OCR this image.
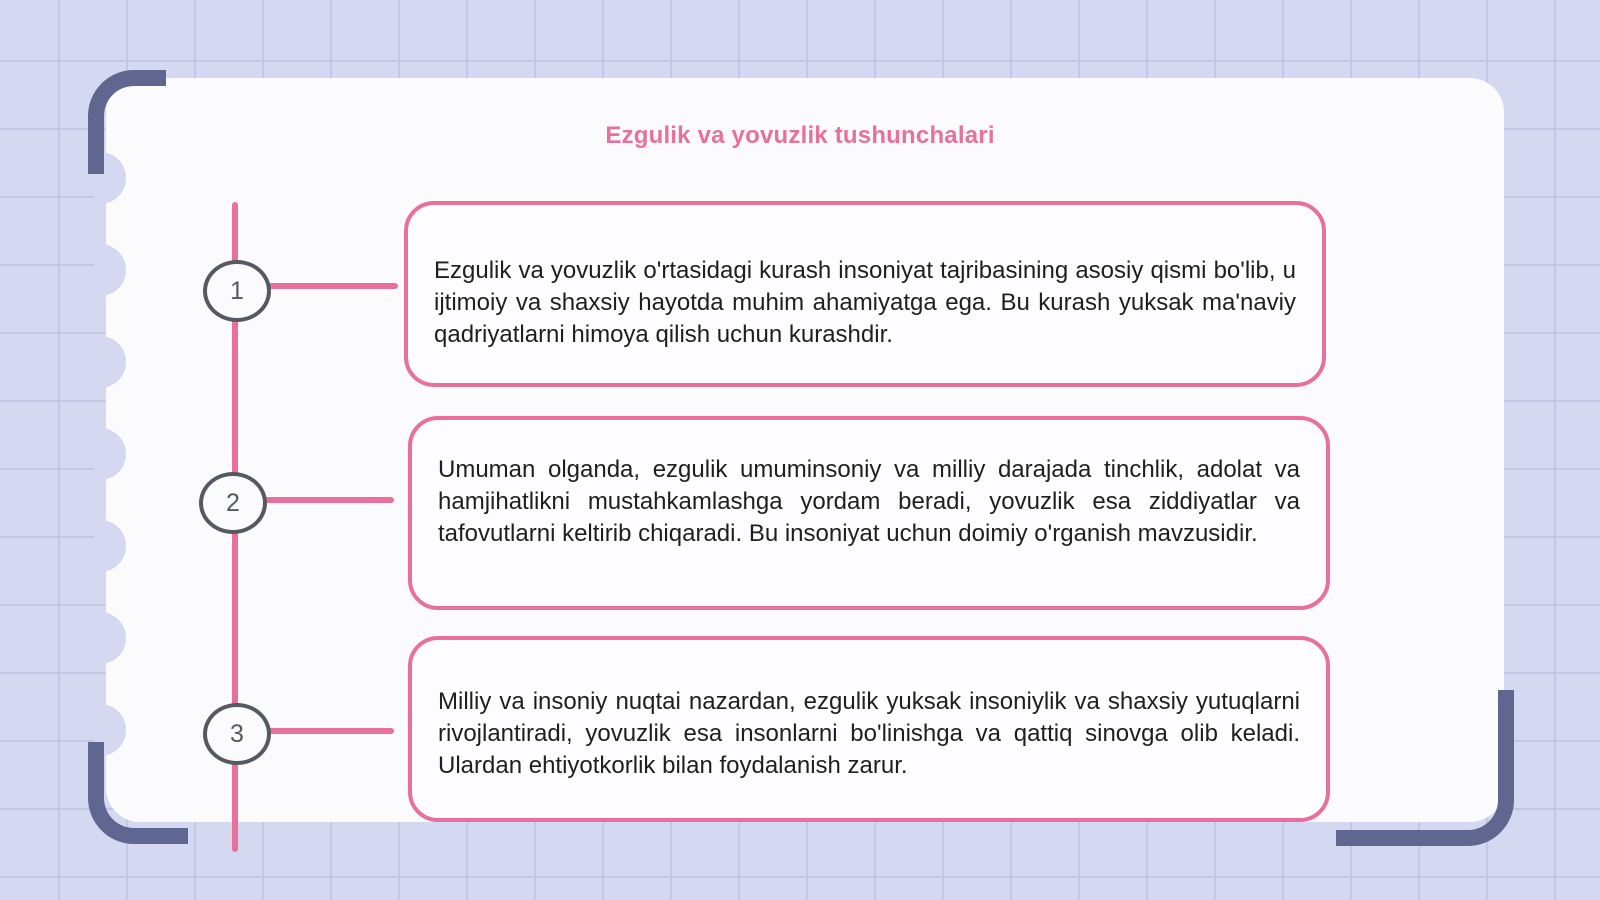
Ezgulik va yovuzlik tushunchalari
1
Ezgulik va yovuzlik o'rtasidagi kurash insoniyat tajribasining asosiy qismi bo'lib, u ijtimoiy va shaxsiy hayotda muhim ahamiyatga ega. Bu kurash yuksak ma'naviy qadriyatlarni himoya qilish uchun kurashdir.
2
Umuman olganda, ezgulik umuminsoniy va milliy darajada tinchlik, adolat va hamjihatlikni mustahkamlashga yordam beradi, yovuzlik esa ziddiyatlar va tafovutlarni keltirib chiqaradi. Bu insoniyat uchun doimiy o'rganish mavzusidir.
3
Milliy va insoniy nuqtai nazardan, ezgulik yuksak insoniylik va shaxsiy yutuqlarni rivojlantiradi, yovuzlik esa insonlarni bo'linishga va qattiq sinovga olib keladi. Ulardan ehtiyotkorlik bilan foydalanish zarur.
